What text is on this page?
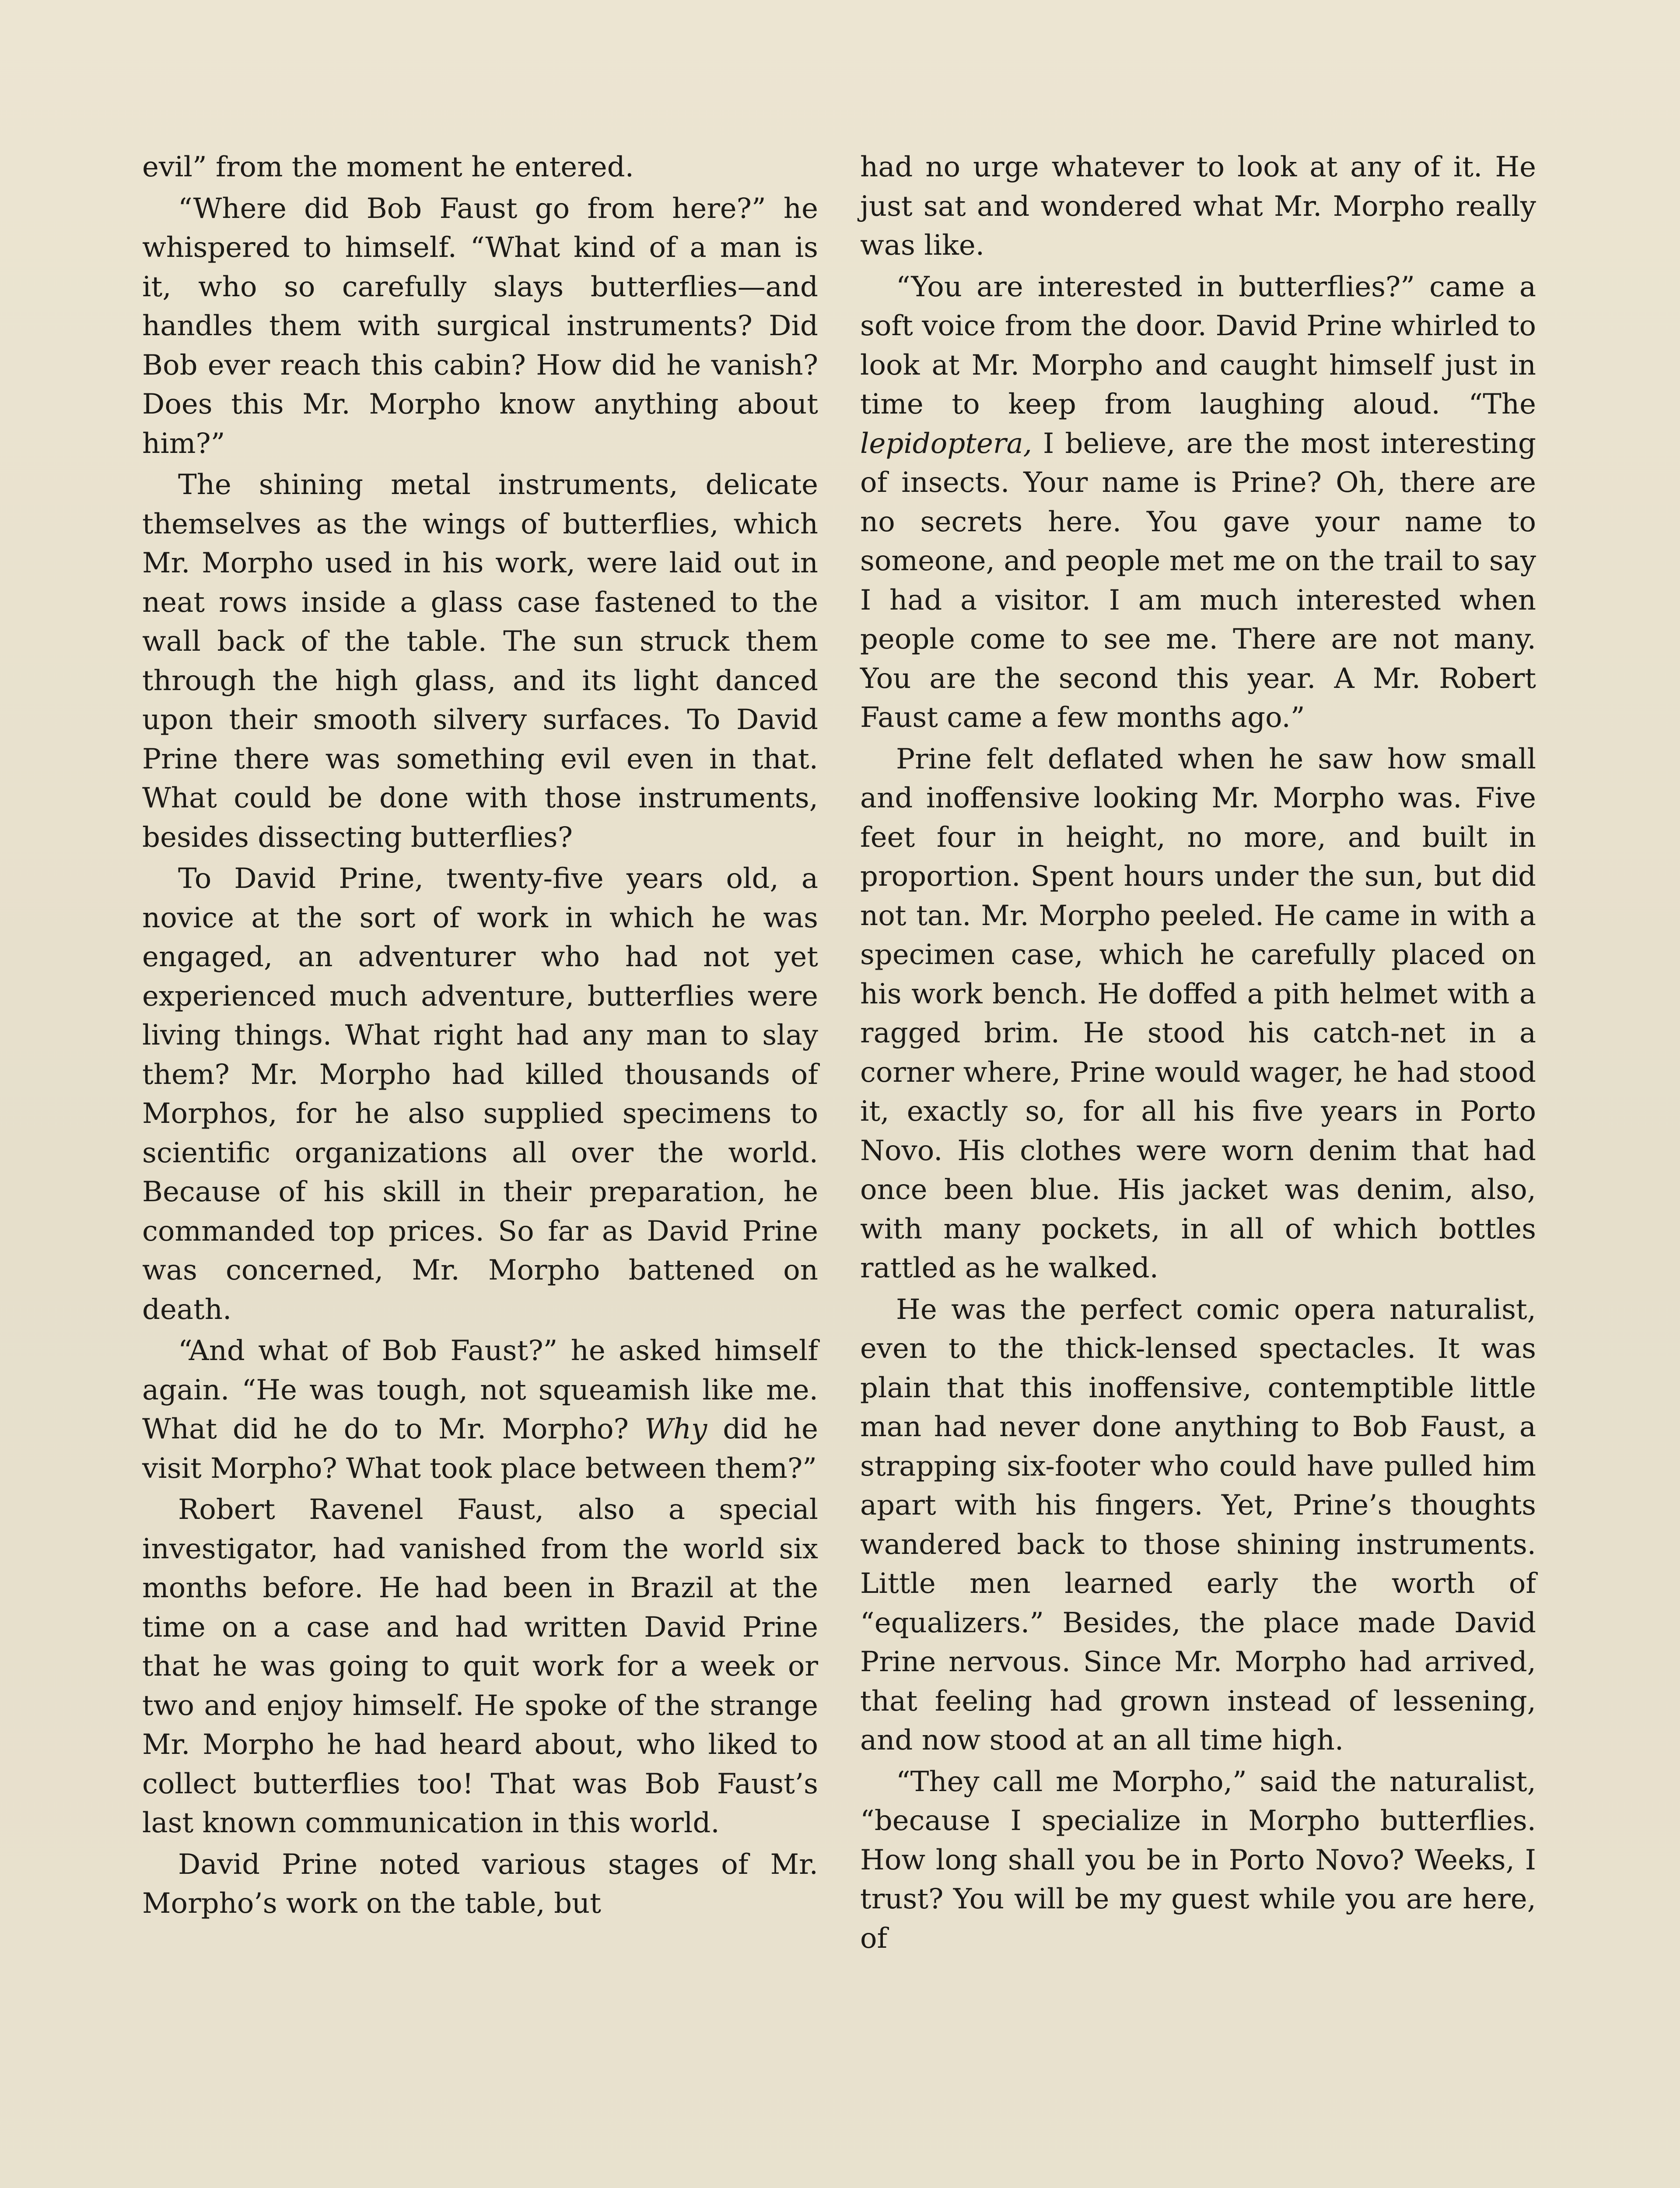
evil” from the moment he entered.

“Where did Bob Faust go from here?” he whispered to himself. “What kind of a man is it, who so carefully slays butterflies—and handles them with surgical instruments? Did Bob ever reach this cabin? How did he vanish? Does this Mr. Morpho know anything about him?”

The shining metal instruments, delicate themselves as the wings of butterflies, which Mr. Morpho used in his work, were laid out in neat rows inside a glass case fastened to the wall back of the table. The sun struck them through the high glass, and its light danced upon their smooth silvery surfaces. To David Prine there was something evil even in that. What could be done with those instruments, besides dissecting butterflies?

To David Prine, twenty-five years old, a novice at the sort of work in which he was engaged, an adventurer who had not yet experienced much adventure, butterflies were living things. What right had any man to slay them? Mr. Morpho had killed thousands of Morphos, for he also supplied specimens to scientific organizations all over the world. Because of his skill in their preparation, he commanded top prices. So far as David Prine was concerned, Mr. Morpho battened on death.

“And what of Bob Faust?” he asked himself again. “He was tough, not squeamish like me. What did he do to Mr. Morpho? Why did he visit Morpho? What took place between them?”

Robert Ravenel Faust, also a special investigator, had vanished from the world six months before. He had been in Brazil at the time on a case and had written David Prine that he was going to quit work for a week or two and enjoy himself. He spoke of the strange Mr. Morpho he had heard about, who liked to collect butterflies too! That was Bob Faust’s last known communication in this world.

David Prine noted various stages of Mr. Morpho’s work on the table, but

had no urge whatever to look at any of it. He just sat and wondered what Mr. Morpho really was like.

“You are interested in butterflies?” came a soft voice from the door. David Prine whirled to look at Mr. Morpho and caught himself just in time to keep from laughing aloud. “The lepidoptera, I believe, are the most interesting of insects. Your name is Prine? Oh, there are no secrets here. You gave your name to someone, and people met me on the trail to say I had a visitor. I am much interested when people come to see me. There are not many. You are the second this year. A Mr. Robert Faust came a few months ago.”

Prine felt deflated when he saw how small and inoffensive looking Mr. Morpho was. Five feet four in height, no more, and built in proportion. Spent hours under the sun, but did not tan. Mr. Morpho peeled. He came in with a specimen case, which he carefully placed on his work bench. He doffed a pith helmet with a ragged brim. He stood his catch-net in a corner where, Prine would wager, he had stood it, exactly so, for all his five years in Porto Novo. His clothes were worn denim that had once been blue. His jacket was denim, also, with many pockets, in all of which bottles rattled as he walked.

He was the perfect comic opera naturalist, even to the thick-lensed spectacles. It was plain that this inoffensive, contemptible little man had never done anything to Bob Faust, a strapping six-footer who could have pulled him apart with his fingers. Yet, Prine’s thoughts wandered back to those shining instruments. Little men learned early the worth of “equalizers.” Besides, the place made David Prine nervous. Since Mr. Morpho had arrived, that feeling had grown instead of lessening, and now stood at an all time high.

“They call me Morpho,” said the naturalist, “because I specialize in Morpho butterflies. How long shall you be in Porto Novo? Weeks, I trust? You will be my guest while you are here, of
